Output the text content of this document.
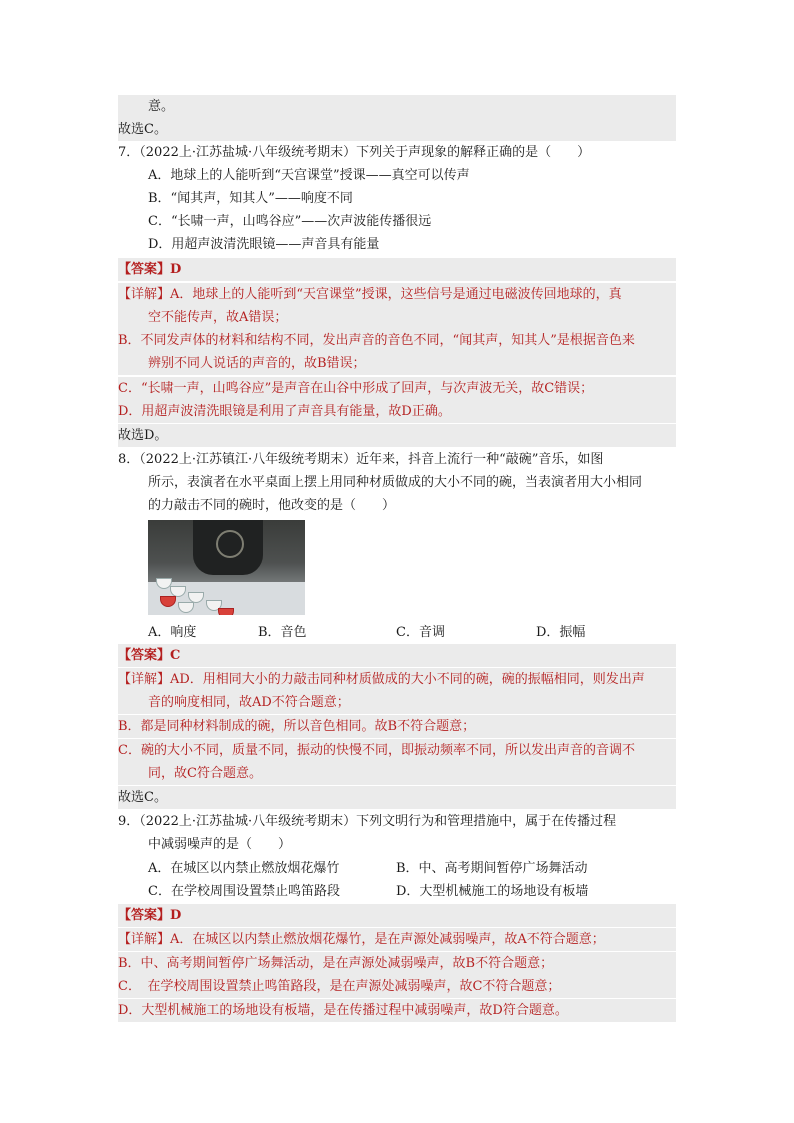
意。
故选C。
7．（2022上·江苏盐城·八年级统考期末）下列关于声现象的解释正确的是（　　）
A．地球上的人能听到“天宫课堂”授课——真空可以传声
B．“闻其声，知其人”——响度不同
C．“长啸一声，山鸣谷应”——次声波能传播很远
D．用超声波清洗眼镜——声音具有能量
【答案】D
【详解】A．地球上的人能听到“天宫课堂”授课，这些信号是通过电磁波传回地球的，真
空不能传声，故A错误；
B．不同发声体的材料和结构不同，发出声音的音色不同，“闻其声，知其人”是根据音色来
辨别不同人说话的声音的，故B错误；
C．“长啸一声，山鸣谷应”是声音在山谷中形成了回声，与次声波无关，故C错误；
D．用超声波清洗眼镜是利用了声音具有能量，故D正确。
故选D。
8．（2022上·江苏镇江·八年级统考期末）近年来，抖音上流行一种“敲碗”音乐，如图
所示，表演者在水平桌面上摆上用同种材质做成的大小不同的碗，当表演者用大小相同
的力敲击不同的碗时，他改变的是（　　）
A．响度	B．音色	C．音调	D．振幅
【答案】C
【详解】AD．用相同大小的力敲击同种材质做成的大小不同的碗，碗的振幅相同，则发出声
音的响度相同，故AD不符合题意；
B．都是同种材料制成的碗，所以音色相同。故B不符合题意；
C．碗的大小不同，质量不同，振动的快慢不同，即振动频率不同，所以发出声音的音调不
同，故C符合题意。
故选C。
9．（2022上·江苏盐城·八年级统考期末）下列文明行为和管理措施中，属于在传播过程
中减弱噪声的是（　　）
A．在城区以内禁止燃放烟花爆竹	B．中、高考期间暂停广场舞活动
C．在学校周围设置禁止鸣笛路段	D．大型机械施工的场地设有板墙
【答案】D
【详解】A．在城区以内禁止燃放烟花爆竹，是在声源处减弱噪声，故A不符合题意；
B．中、高考期间暂停广场舞活动，是在声源处减弱噪声，故B不符合题意；
C．　在学校周围设置禁止鸣笛路段，是在声源处减弱噪声，故C不符合题意；
D．大型机械施工的场地设有板墙，是在传播过程中减弱噪声，故D符合题意。
